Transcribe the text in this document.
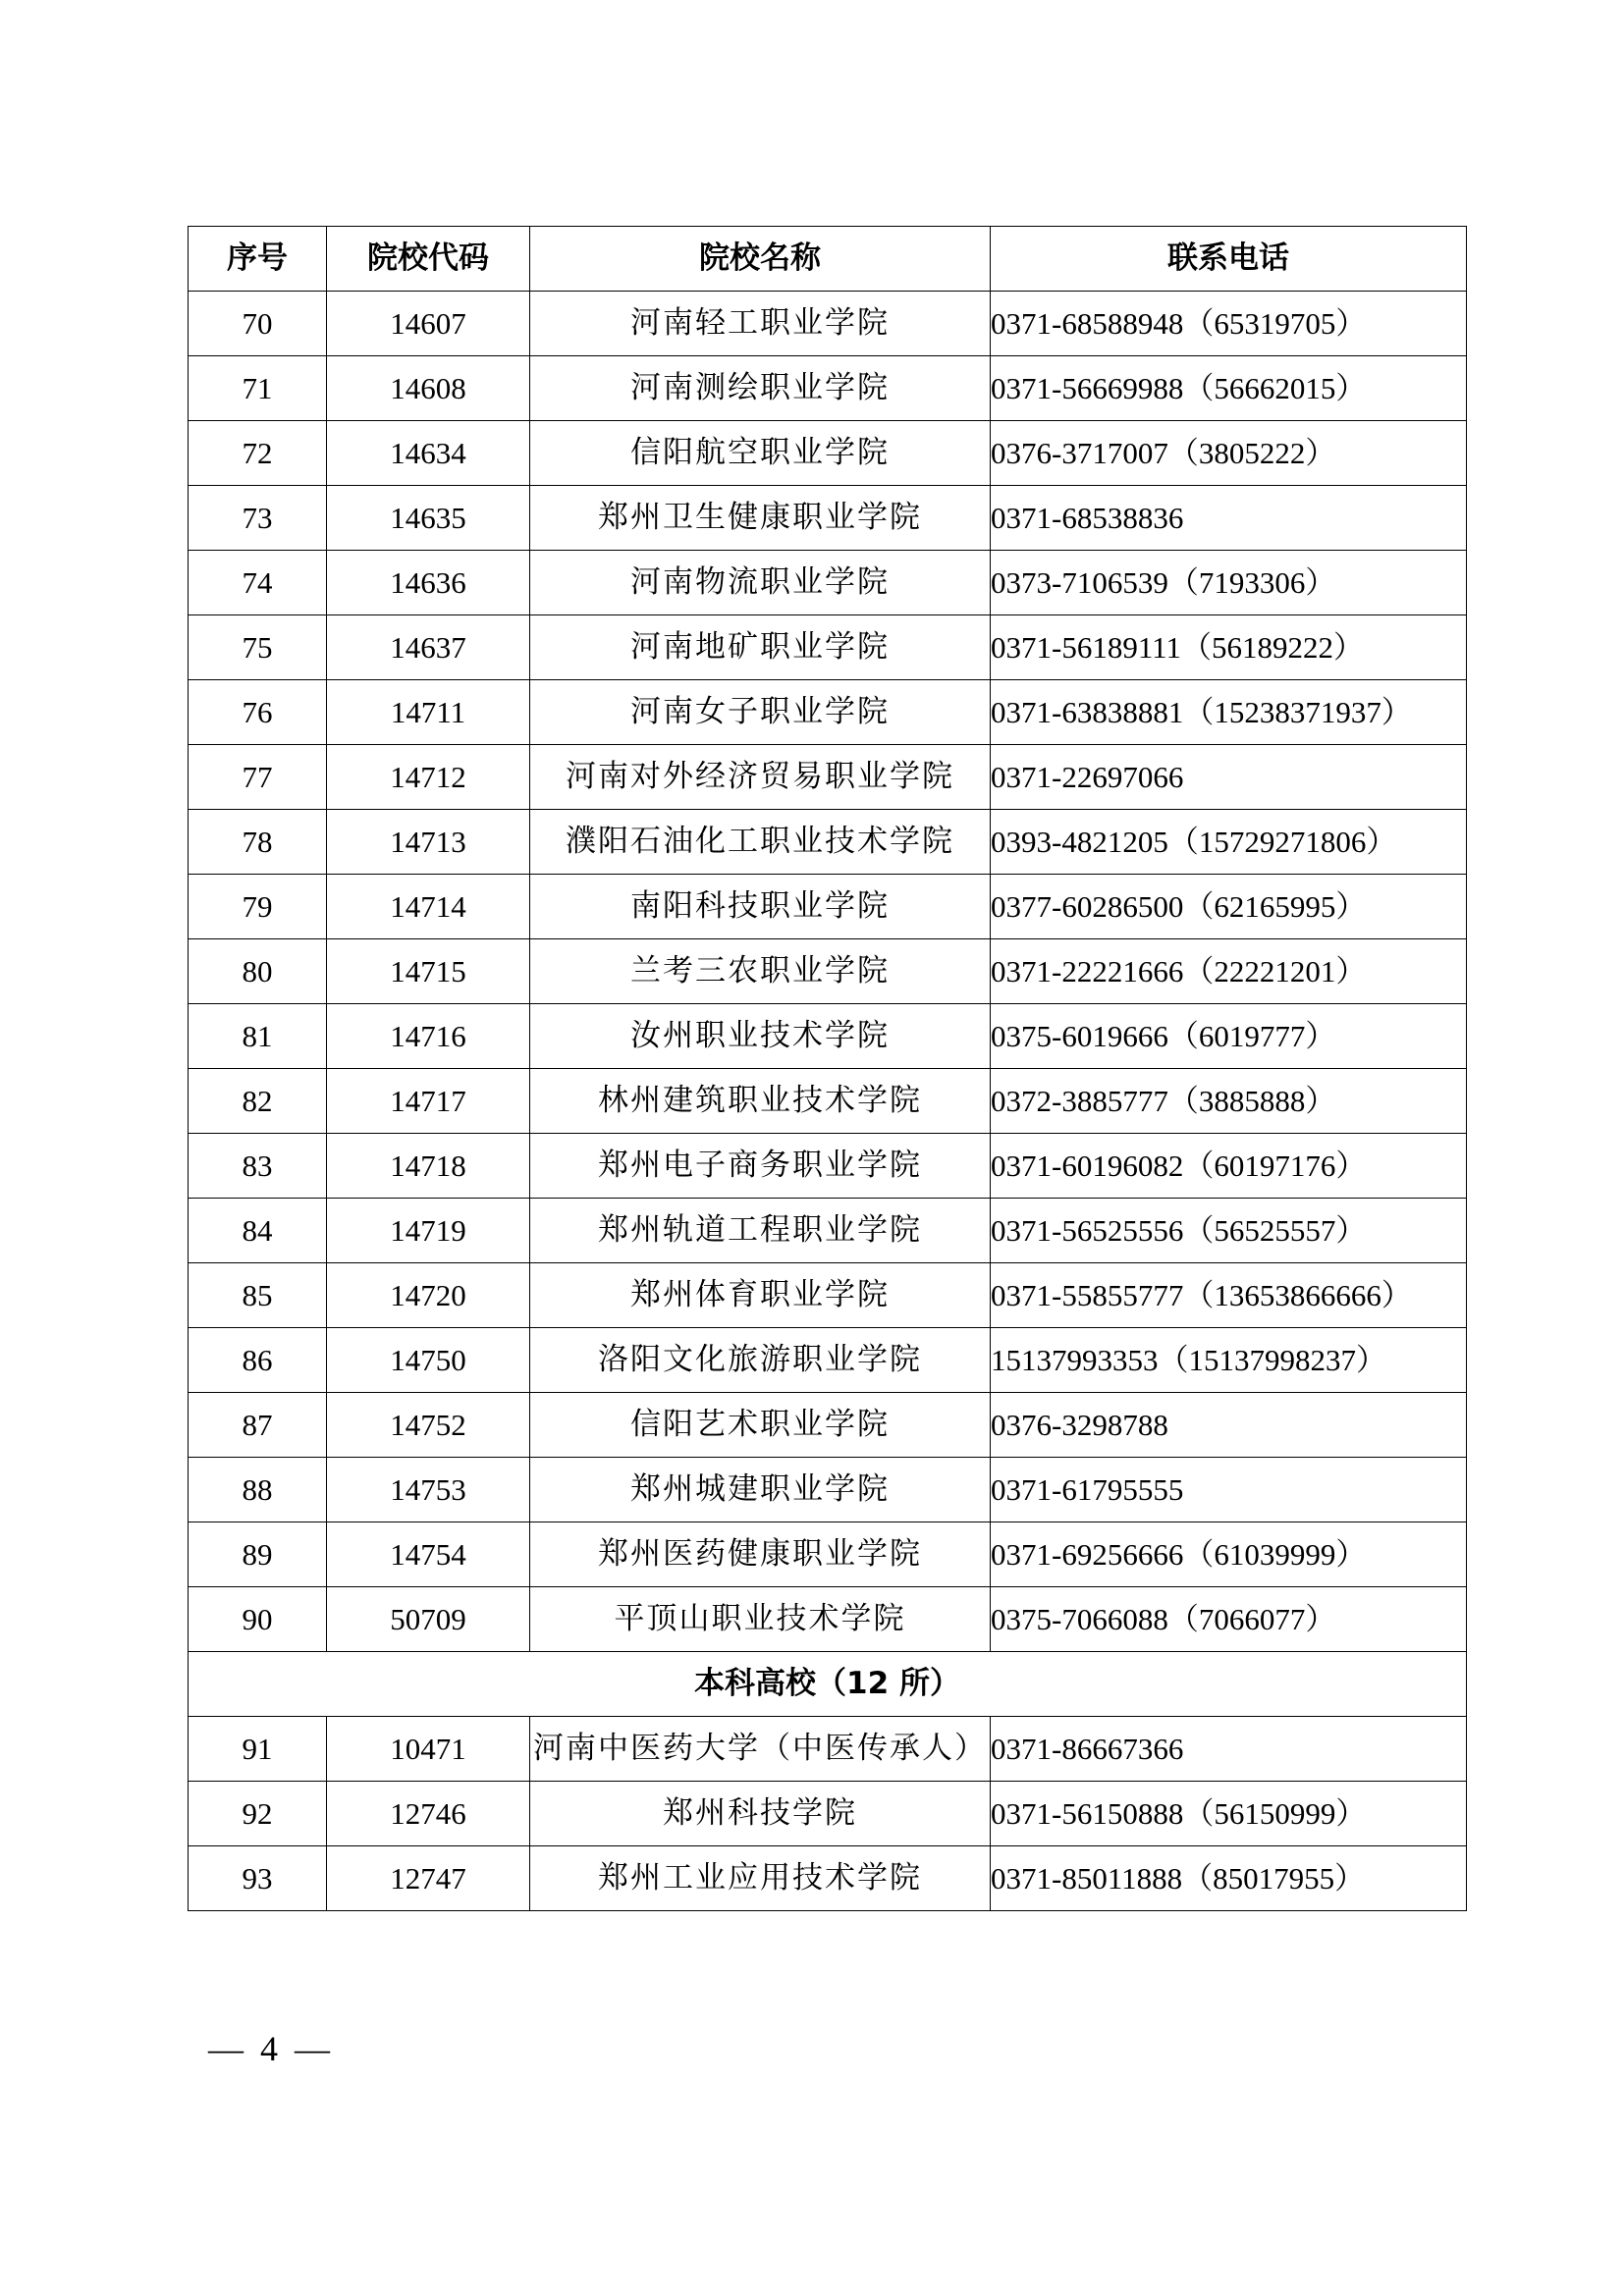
序号	院校代码	院校名称	联系电话
70	14607	河南轻工职业学院	0371-68588948（65319705）
71	14608	河南测绘职业学院	0371-56669988（56662015）
72	14634	信阳航空职业学院	0376-3717007（3805222）
73	14635	郑州卫生健康职业学院	0371-68538836
74	14636	河南物流职业学院	0373-7106539（7193306）
75	14637	河南地矿职业学院	0371-56189111（56189222）
76	14711	河南女子职业学院	0371-63838881（15238371937）
77	14712	河南对外经济贸易职业学院	0371-22697066
78	14713	濮阳石油化工职业技术学院	0393-4821205（15729271806）
79	14714	南阳科技职业学院	0377-60286500（62165995）
80	14715	兰考三农职业学院	0371-22221666（22221201）
81	14716	汝州职业技术学院	0375-6019666（6019777）
82	14717	林州建筑职业技术学院	0372-3885777（3885888）
83	14718	郑州电子商务职业学院	0371-60196082（60197176）
84	14719	郑州轨道工程职业学院	0371-56525556（56525557）
85	14720	郑州体育职业学院	0371-55855777（13653866666）
86	14750	洛阳文化旅游职业学院	15137993353（15137998237）
87	14752	信阳艺术职业学院	0376-3298788
88	14753	郑州城建职业学院	0371-61795555
89	14754	郑州医药健康职业学院	0371-69256666（61039999）
90	50709	平顶山职业技术学院	0375-7066088（7066077）
本科高校（12 所）			
91	10471	河南中医药大学（中医传承人）	0371-86667366
92	12746	郑州科技学院	0371-56150888（56150999）
93	12747	郑州工业应用技术学院	0371-85011888（85017955）
— 4 —
